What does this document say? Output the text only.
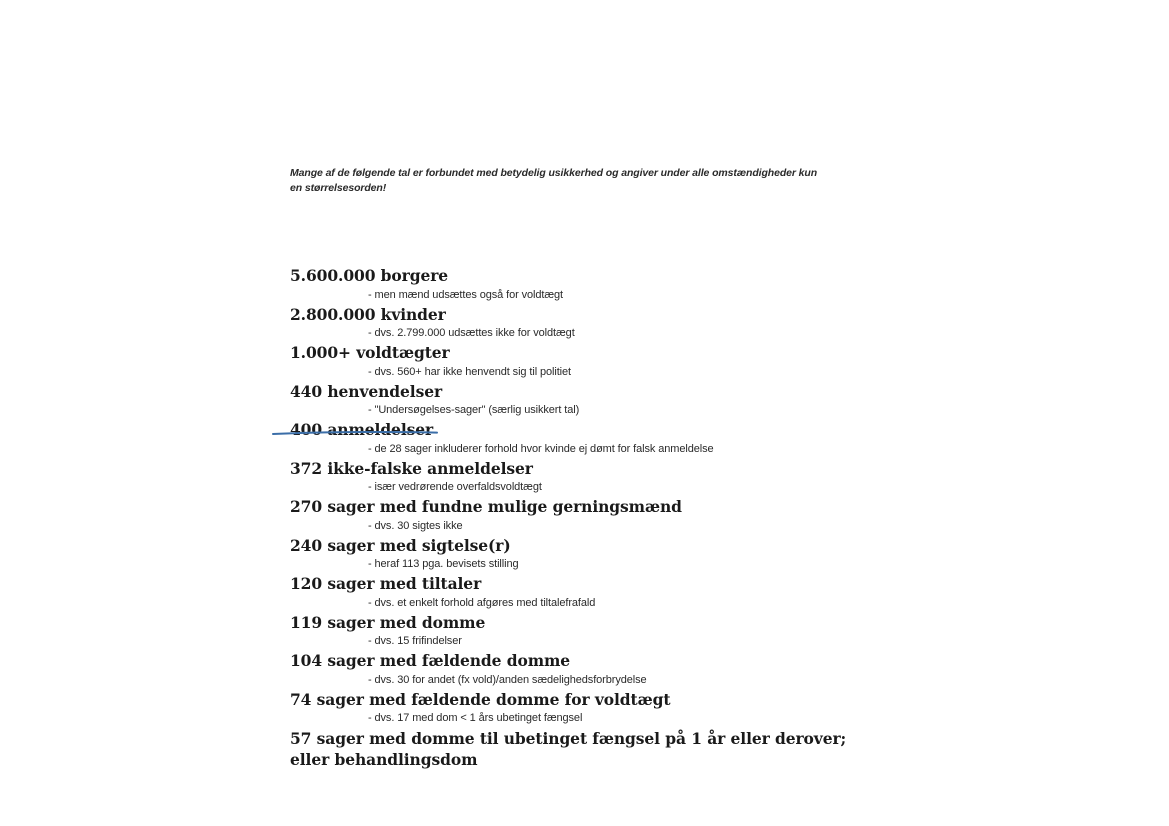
Mange af de følgende tal er forbundet med betydelig usikkerhed og angiver under alle omstændigheder kun en størrelsesorden!
5.600.000 borgere
- men mænd udsættes også for voldtægt
2.800.000 kvinder
- dvs. 2.799.000 udsættes ikke for voldtægt
1.000+ voldtægter
- dvs. 560+ har ikke henvendt sig til politiet
440 henvendelser
- "Undersøgelses-sager" (særlig usikkert tal)
400 anmeldelser
- de 28 sager inkluderer forhold hvor kvinde ej dømt for falsk anmeldelse
372 ikke-falske anmeldelser
- især vedrørende overfaldsvoldtægt
270 sager med fundne mulige gerningsmænd
- dvs. 30 sigtes ikke
240 sager med sigtelse(r)
- heraf 113 pga. bevisets stilling
120 sager med tiltaler
- dvs. et enkelt forhold afgøres med tiltalefrafald
119 sager med domme
- dvs. 15 frifindelser
104 sager med fældende domme
- dvs. 30 for andet (fx vold)/anden sædelighedsforbrydelse
74 sager med fældende domme for voldtægt
- dvs. 17 med dom < 1 års ubetinget fængsel
57 sager med domme til ubetinget fængsel på 1 år eller derover; eller behandlingsdom
